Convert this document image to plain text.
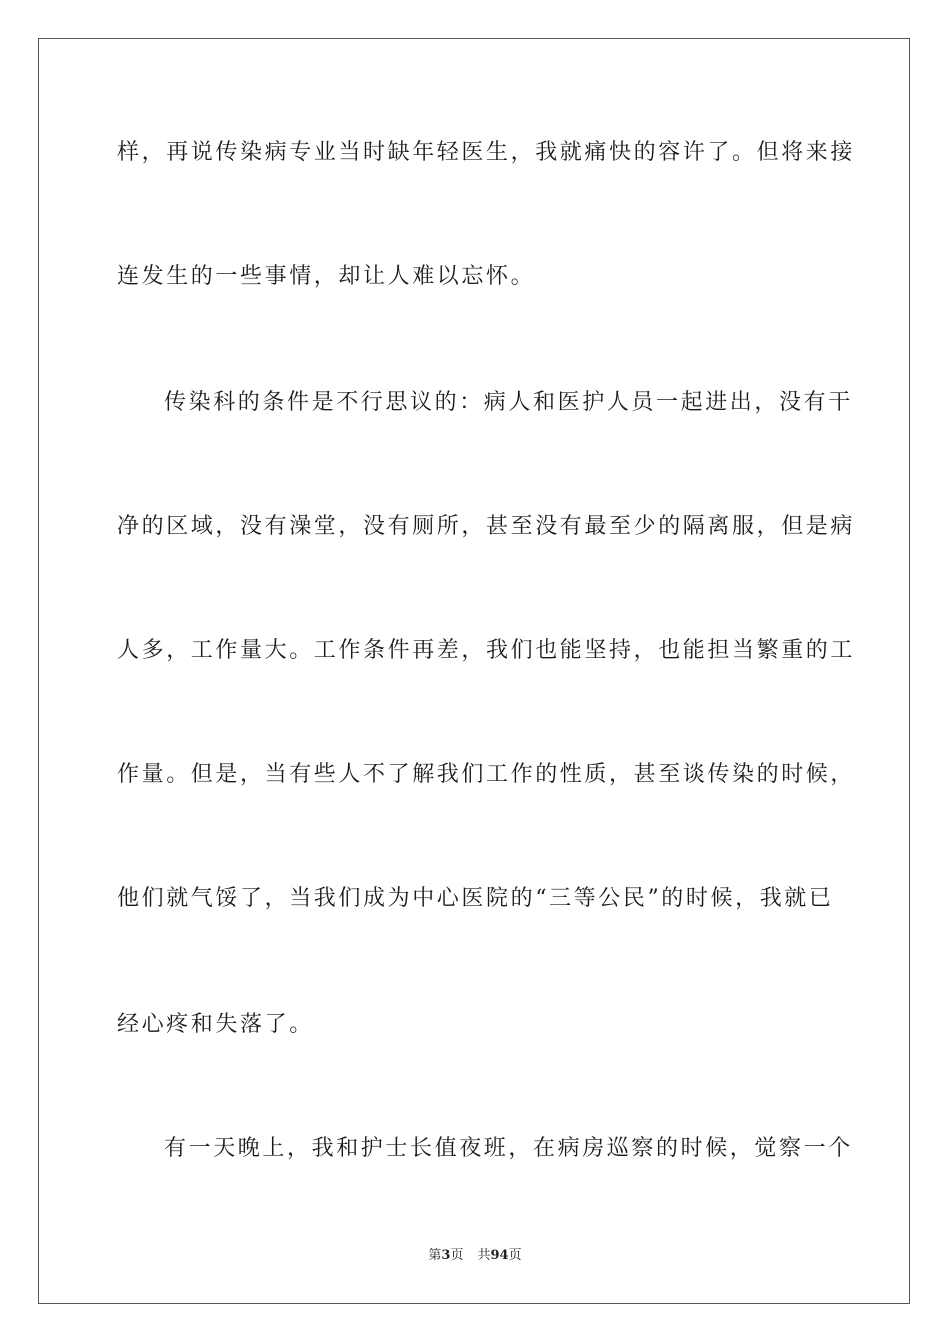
样，再说传染病专业当时缺年轻医生，我就痛快的容许了。但将来接
连发生的一些事情，却让人难以忘怀。
传染科的条件是不行思议的：病人和医护人员一起进出，没有干
净的区域，没有澡堂，没有厕所，甚至没有最至少的隔离服，但是病
人多，工作量大。工作条件再差，我们也能坚持，也能担当繁重的工
作量。但是，当有些人不了解我们工作的性质，甚至谈传染的时候，
他们就气馁了，当我们成为中心医院的“三等公民”的时候，我就已
经心疼和失落了。
有一天晚上，我和护士长值夜班，在病房巡察的时候，觉察一个
第3页 共94页
